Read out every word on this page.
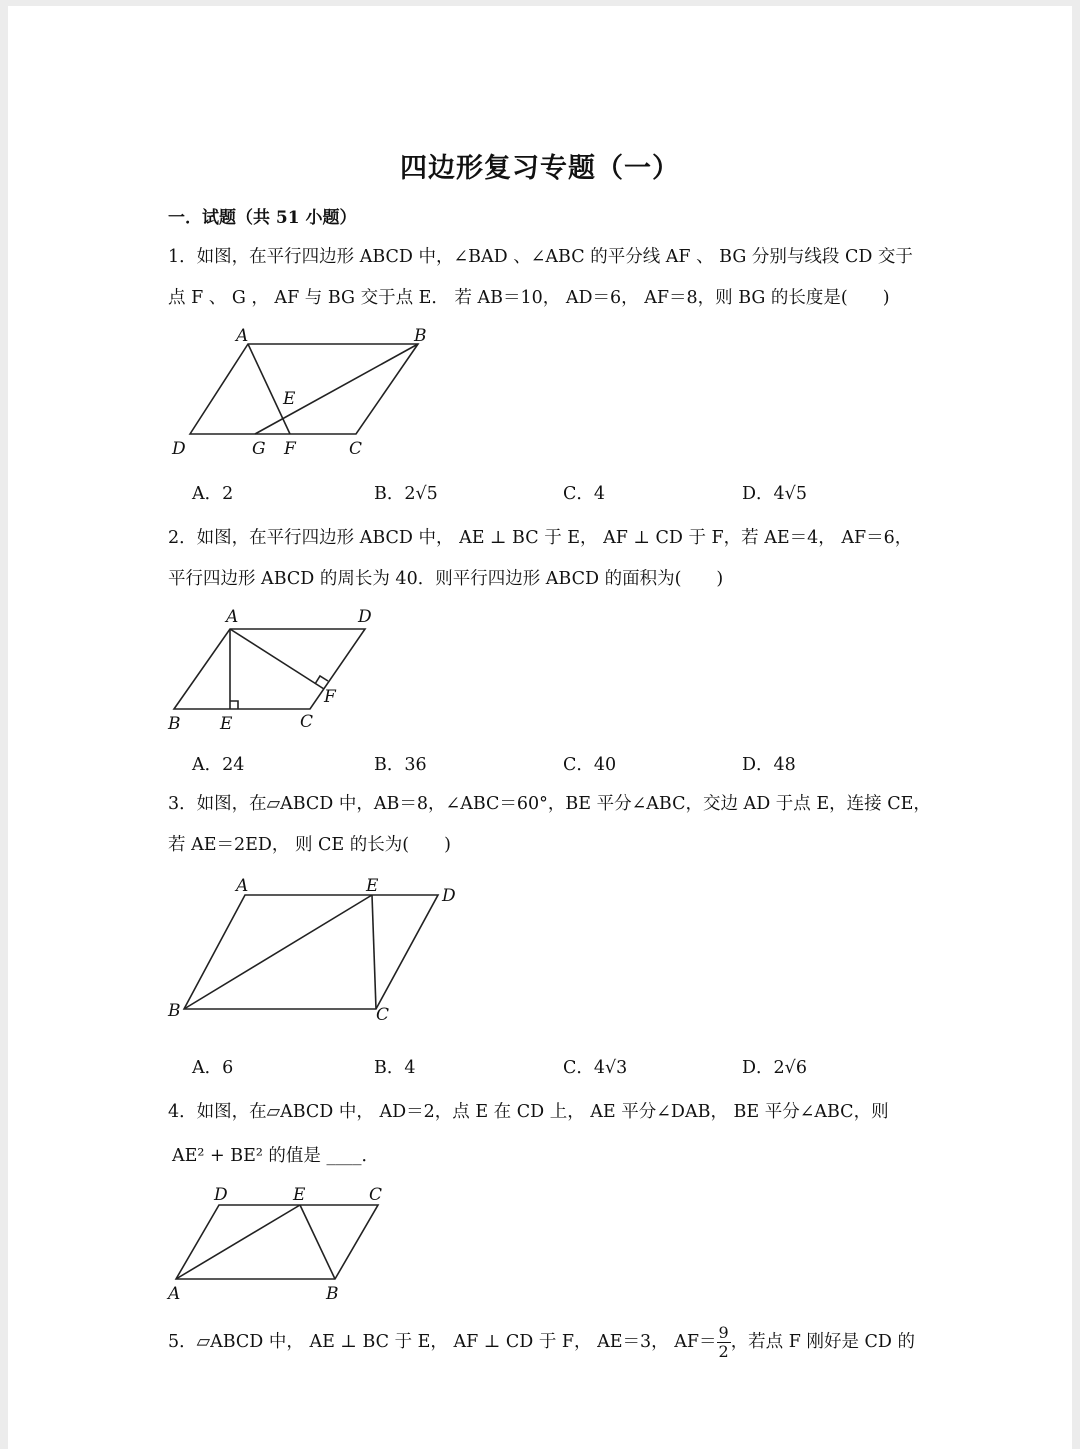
四边形复习专题（一）
一．试题（共 51 小题）
1．如图，在平行四边形 ABCD 中，∠BAD 、∠ABC 的平分线 AF 、 BG 分别与线段 CD 交于
点 F 、 G ， AF 与 BG 交于点 E． 若 AB＝10， AD＝6， AF＝8，则 BG 的长度是(　　)
A	B
E
D	G F	C
A．2	B．2√5	C．4	D．4√5
2．如图，在平行四边形 ABCD 中， AE ⊥ BC 于 E， AF ⊥ CD 于 F，若 AE＝4， AF＝6，
平行四边形 ABCD 的周长为 40．则平行四边形 ABCD 的面积为(　　)
A	D
F
B E	C
A．24	B．36	C．40	D．48
3．如图，在▱ABCD 中，AB＝8，∠ABC＝60°，BE 平分∠ABC，交边 AD 于点 E，连接 CE，
若 AE＝2ED， 则 CE 的长为(　　)
A	E	D
B	C
A．6	B．4	C．4√3	D．2√6
4．如图，在▱ABCD 中， AD＝2，点 E 在 CD 上， AE 平分∠DAB， BE 平分∠ABC，则
AE² + BE² 的值是 ____．
D	E	C
A	B
5．▱ABCD 中， AE ⊥ BC 于 E， AF ⊥ CD 于 F， AE＝3， $AF= \frac{9}{2}$ ，若点 F 刚好是 CD 的
